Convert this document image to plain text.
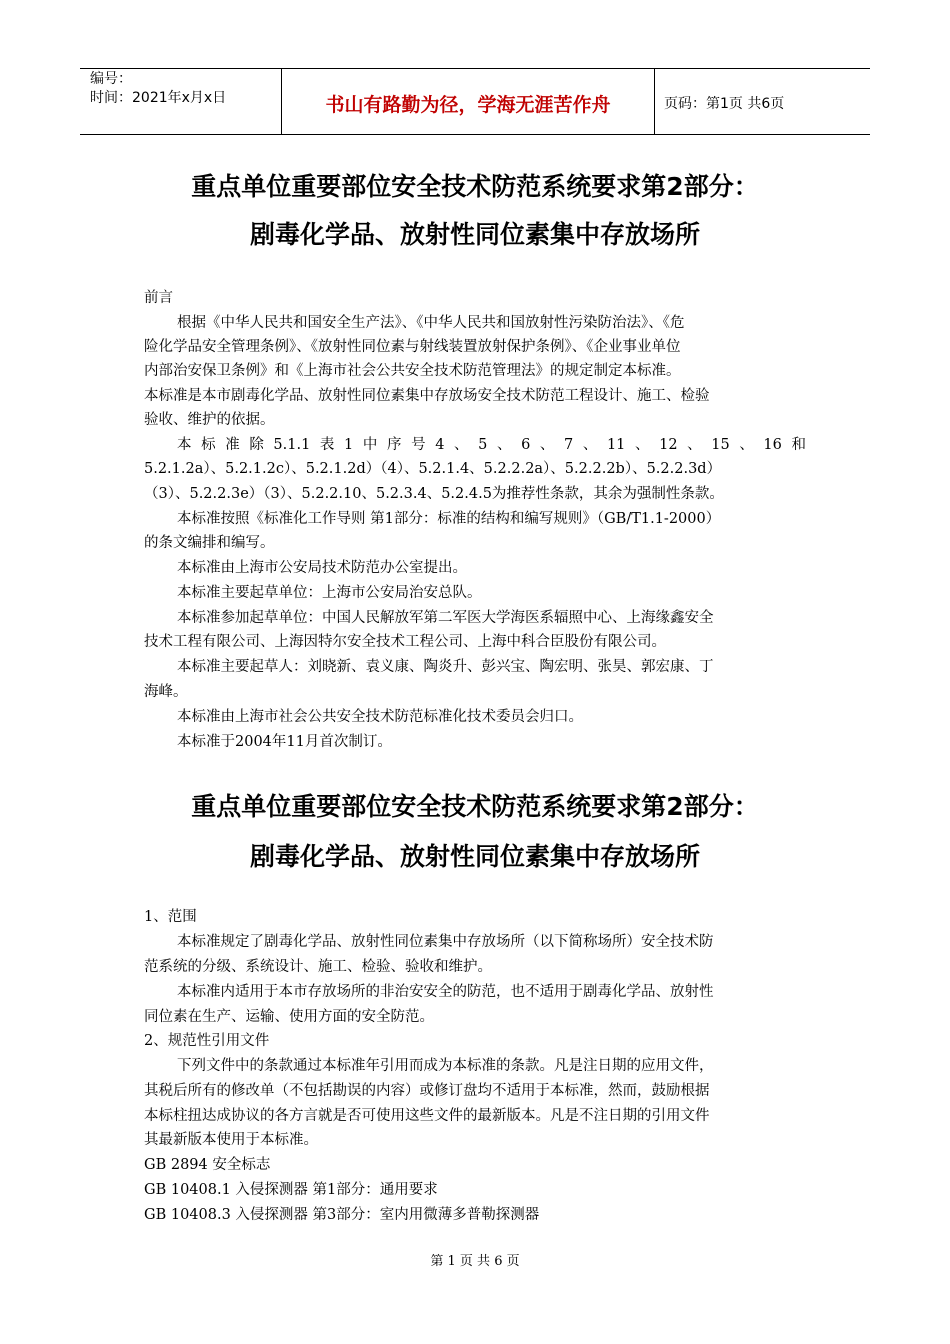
编号：
时间：2021年x月x日	书山有路勤为径，学海无涯苦作舟	页码：第1页 共6页
重点单位重要部位安全技术防范系统要求第2部分：
剧毒化学品、放射性同位素集中存放场所
前言
根据《中华人民共和国安全生产法》、《中华人民共和国放射性污染防治法》、《危
险化学品安全管理条例》、《放射性同位素与射线装置放射保护条例》、《企业事业单位
内部治安保卫条例》和《上海市社会公共安全技术防范管理法》的规定制定本标准。
本标准是本市剧毒化学品、放射性同位素集中存放场安全技术防范工程设计、施工、检验
验收、维护的依据。
本标准除5.1.1表1中序号4、5、6、7、11、12、15、16和
5.2.1.2a）、5.2.1.2c）、5.2.1.2d）（4）、5.2.1.4、5.2.2.2a）、5.2.2.2b）、5.2.2.3d）
（3）、5.2.2.3e）（3）、5.2.2.10、5.2.3.4、5.2.4.5为推荐性条款，其余为强制性条款。
本标准按照《标准化工作导则 第1部分：标准的结构和编写规则》（GB/T1.1-2000）
的条文编排和编写。
本标准由上海市公安局技术防范办公室提出。
本标准主要起草单位：上海市公安局治安总队。
本标准参加起草单位：中国人民解放军第二军医大学海医系辐照中心、上海缘鑫安全
技术工程有限公司、上海因特尔安全技术工程公司、上海中科合臣股份有限公司。
本标准主要起草人：刘晓新、袁义康、陶炎升、彭兴宝、陶宏明、张昊、郭宏康、丁
海峰。
本标准由上海市社会公共安全技术防范标准化技术委员会归口。
本标准于2004年11月首次制订。
重点单位重要部位安全技术防范系统要求第2部分：
剧毒化学品、放射性同位素集中存放场所
1、范围
本标准规定了剧毒化学品、放射性同位素集中存放场所（以下简称场所）安全技术防
范系统的分级、系统设计、施工、检验、验收和维护。
本标准内适用于本市存放场所的非治安安全的防范，也不适用于剧毒化学品、放射性
同位素在生产、运输、使用方面的安全防范。
2、规范性引用文件
下列文件中的条款通过本标准年引用而成为本标准的条款。凡是注日期的应用文件，
其税后所有的修改单（不包括勘误的内容）或修订盘均不适用于本标准，然而，鼓励根据
本标柱扭达成协议的各方言就是否可使用这些文件的最新版本。凡是不注日期的引用文件
其最新版本使用于本标准。
GB 2894 安全标志
GB 10408.1 入侵探测器 第1部分：通用要求
GB 10408.3 入侵探测器 第3部分：室内用微薄多普勒探测器
第 1 页 共 6 页
